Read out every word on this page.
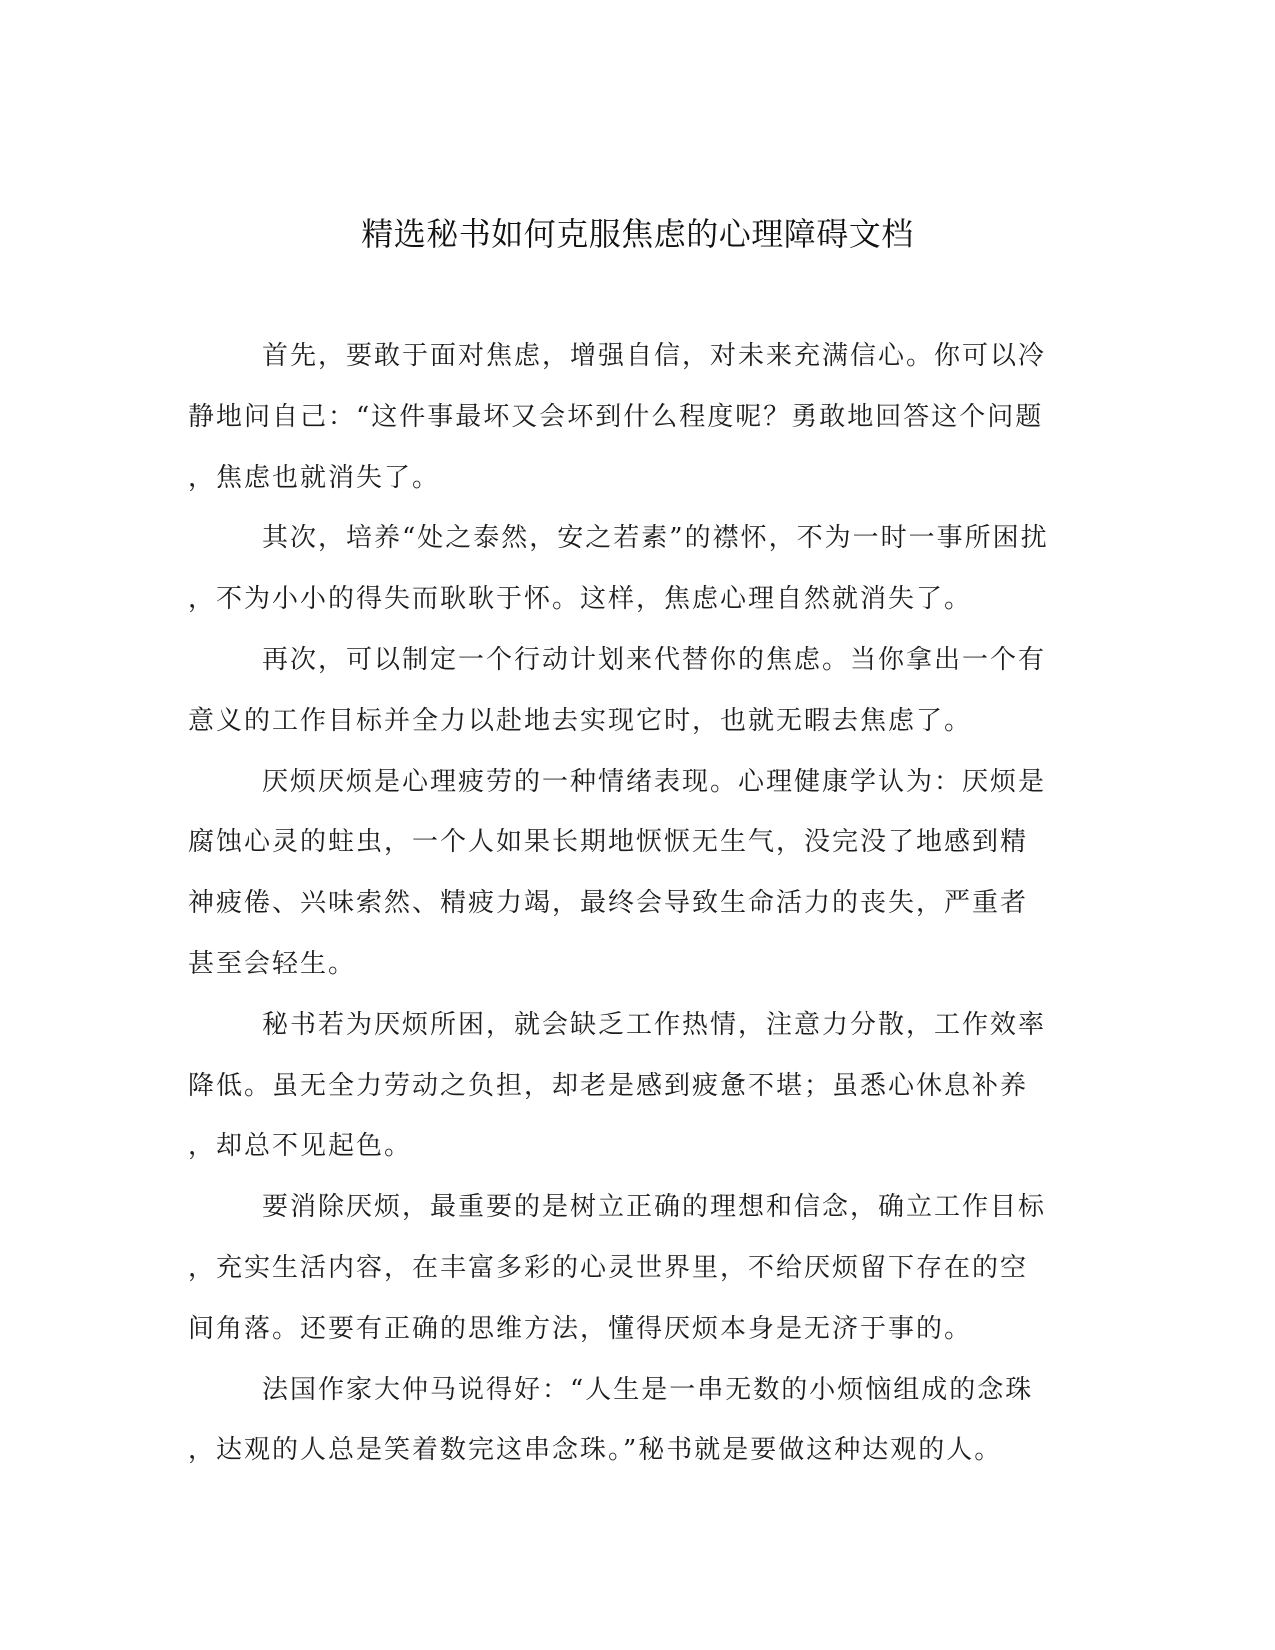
精选秘书如何克服焦虑的心理障碍文档

首先，要敢于面对焦虑，增强自信，对未来充满信心。你可以冷
静地问自己：“这件事最坏又会坏到什么程度呢？勇敢地回答这个问题
，焦虑也就消失了。

其次，培养“处之泰然，安之若素”的襟怀，不为一时一事所困扰
，不为小小的得失而耿耿于怀。这样，焦虑心理自然就消失了。

再次，可以制定一个行动计划来代替你的焦虑。当你拿出一个有
意义的工作目标并全力以赴地去实现它时，也就无暇去焦虑了。

厌烦厌烦是心理疲劳的一种情绪表现。心理健康学认为：厌烦是
腐蚀心灵的蛀虫，一个人如果长期地恹恹无生气，没完没了地感到精
神疲倦、兴味索然、精疲力竭，最终会导致生命活力的丧失，严重者
甚至会轻生。

秘书若为厌烦所困，就会缺乏工作热情，注意力分散，工作效率
降低。虽无全力劳动之负担，却老是感到疲惫不堪；虽悉心休息补养
，却总不见起色。

要消除厌烦，最重要的是树立正确的理想和信念，确立工作目标
，充实生活内容，在丰富多彩的心灵世界里，不给厌烦留下存在的空
间角落。还要有正确的思维方法，懂得厌烦本身是无济于事的。

法国作家大仲马说得好：“人生是一串无数的小烦恼组成的念珠
，达观的人总是笑着数完这串念珠。”秘书就是要做这种达观的人。
